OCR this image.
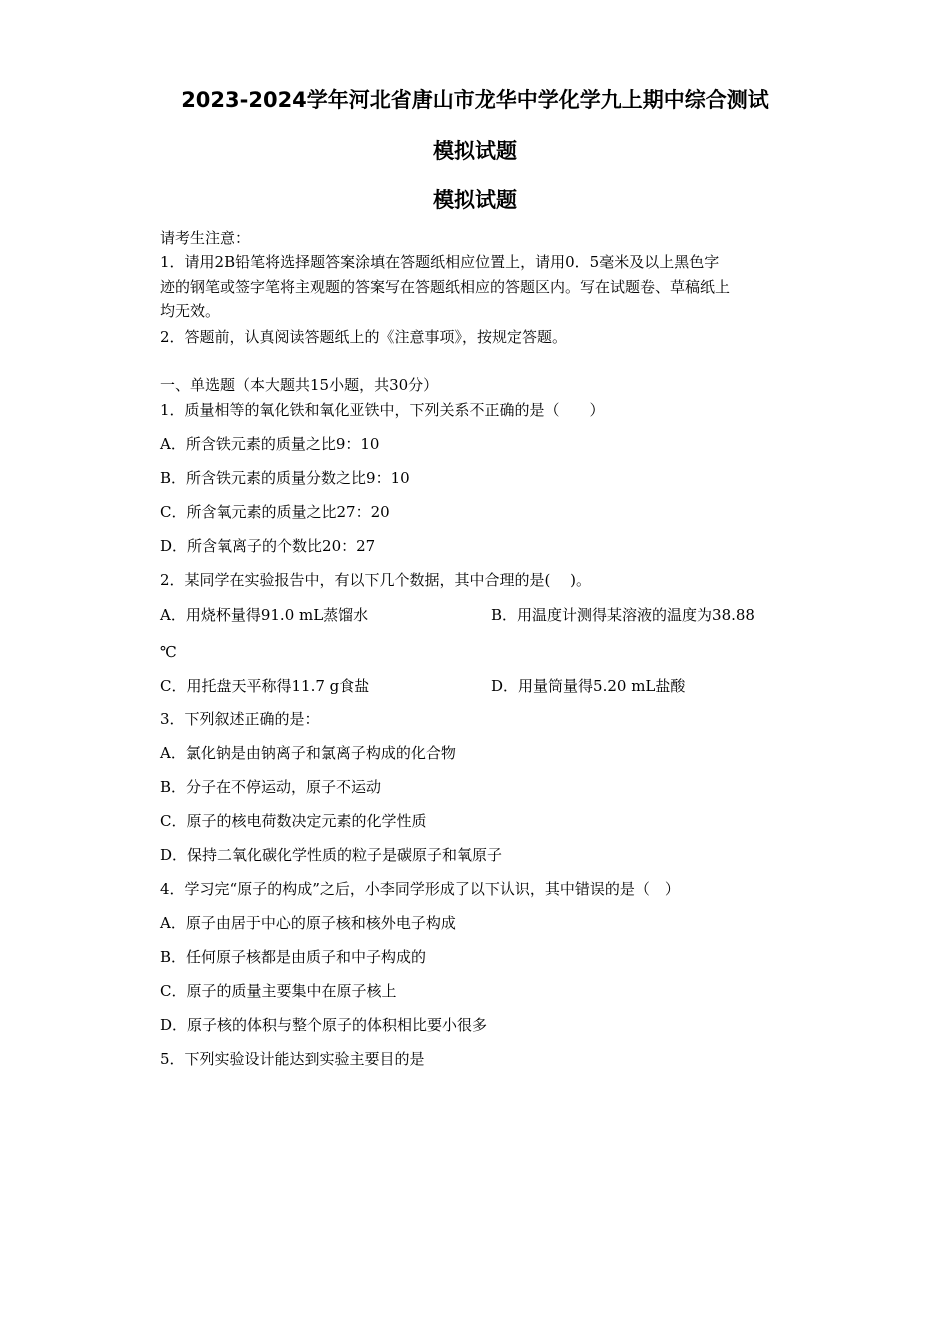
2023-2024学年河北省唐山市龙华中学化学九上期中综合测试
模拟试题
模拟试题
请考生注意：
1．请用2B铅笔将选择题答案涂填在答题纸相应位置上，请用0．5毫米及以上黑色字
迹的钢笔或签字笔将主观题的答案写在答题纸相应的答题区内。写在试题卷、草稿纸上
均无效。
2．答题前，认真阅读答题纸上的《注意事项》，按规定答题。
一、单选题（本大题共15小题，共30分）
1．质量相等的氧化铁和氧化亚铁中，下列关系不正确的是（　　）
A．所含铁元素的质量之比9：10
B．所含铁元素的质量分数之比9：10
C．所含氧元素的质量之比27：20
D．所含氧离子的个数比20：27
2．某同学在实验报告中，有以下几个数据，其中合理的是(　 )。
A．用烧杯量得91.0 mL蒸馏水	B．用温度计测得某溶液的温度为38.88
℃
C．用托盘天平称得11.7 g食盐	D．用量筒量得5.20 mL盐酸
3．下列叙述正确的是：
A．氯化钠是由钠离子和氯离子构成的化合物
B．分子在不停运动，原子不运动
C．原子的核电荷数决定元素的化学性质
D．保持二氧化碳化学性质的粒子是碳原子和氧原子
4．学习完“原子的构成”之后，小李同学形成了以下认识，其中错误的是（　）
A．原子由居于中心的原子核和核外电子构成
B．任何原子核都是由质子和中子构成的
C．原子的质量主要集中在原子核上
D．原子核的体积与整个原子的体积相比要小很多
5．下列实验设计能达到实验主要目的是
